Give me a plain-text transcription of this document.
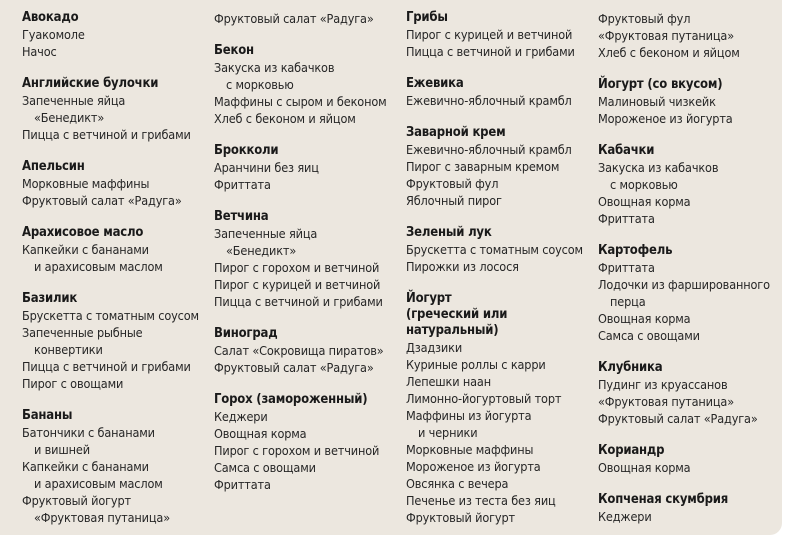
Авокадо
Гуакомоле
Начос
Английские булочки
Запеченные яйца
«Бенедикт»
Пицца с ветчиной и грибами
Апельсин
Морковные маффины
Фруктовый салат «Радуга»
Арахисовое масло
Капкейки с бананами
и арахисовым маслом
Базилик
Брускетта с томатным соусом
Запеченные рыбные
конвертики
Пицца с ветчиной и грибами
Пирог с овощами
Бананы
Батончики с бананами
и вишней
Капкейки с бананами
и арахисовым маслом
Фруктовый йогурт
«Фруктовая путаница»
Фруктовый салат «Радуга»
Бекон
Закуска из кабачков
с морковью
Маффины с сыром и беконом
Хлеб с беконом и яйцом
Брокколи
Аранчини без яиц
Фриттата
Ветчина
Запеченные яйца
«Бенедикт»
Пирог с горохом и ветчиной
Пирог с курицей и ветчиной
Пицца с ветчиной и грибами
Виноград
Салат «Сокровища пиратов»
Фруктовый салат «Радуга»
Горох (замороженный)
Кеджери
Овощная корма
Пирог с горохом и ветчиной
Самса с овощами
Фриттата
Грибы
Пирог с курицей и ветчиной
Пицца с ветчиной и грибами
Ежевика
Ежевично-яблочный крамбл
Заварной крем
Ежевично-яблочный крамбл
Пирог с заварным кремом
Фруктовый фул
Яблочный пирог
Зеленый лук
Брускетта с томатным соусом
Пирожки из лосося
Йогурт
(греческий или
натуральный)
Дзадзики
Куриные роллы с карри
Лепешки наан
Лимонно-йогуртовый торт
Маффины из йогурта
и черники
Морковные маффины
Мороженое из йогурта
Овсянка с вечера
Печенье из теста без яиц
Фруктовый йогурт
Фруктовый фул
«Фруктовая путаница»
Хлеб с беконом и яйцом
Йогурт (со вкусом)
Малиновый чизкейк
Мороженое из йогурта
Кабачки
Закуска из кабачков
с морковью
Овощная корма
Фриттата
Картофель
Фриттата
Лодочки из фаршированного
перца
Овощная корма
Самса с овощами
Клубника
Пудинг из круассанов
«Фруктовая путаница»
Фруктовый салат «Радуга»
Кориандр
Овощная корма
Копченая скумбрия
Кеджери
